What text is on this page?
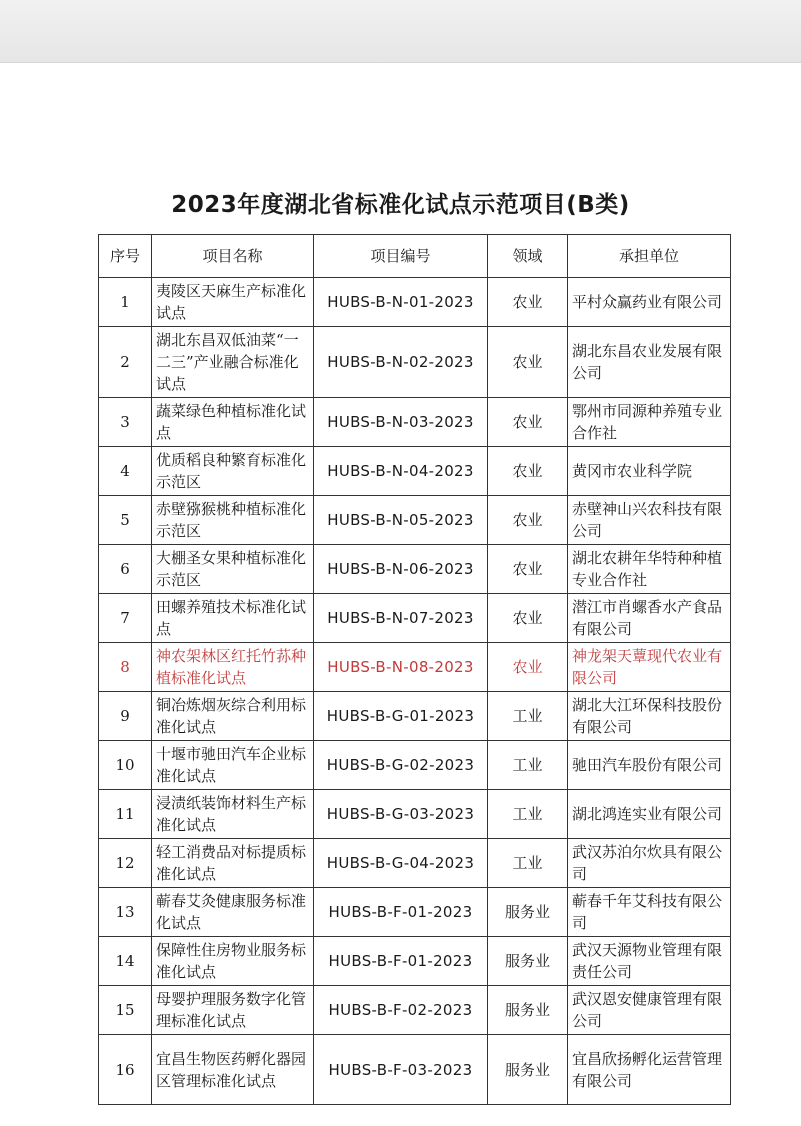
2023年度湖北省标准化试点示范项目(B类)
序号	项目名称	项目编号	领域	承担单位
1	夷陵区天麻生产标准化试点	HUBS-B-N-01-2023	农业	平村众赢药业有限公司
2	湖北东昌双低油菜“一二三”产业融合标准化试点	HUBS-B-N-02-2023	农业	湖北东昌农业发展有限公司
3	蔬菜绿色种植标准化试点	HUBS-B-N-03-2023	农业	鄂州市同源种养殖专业合作社
4	优质稻良种繁育标准化示范区	HUBS-B-N-04-2023	农业	黄冈市农业科学院
5	赤壁猕猴桃种植标准化示范区	HUBS-B-N-05-2023	农业	赤壁神山兴农科技有限公司
6	大棚圣女果种植标准化示范区	HUBS-B-N-06-2023	农业	湖北农耕年华特种种植专业合作社
7	田螺养殖技术标准化试点	HUBS-B-N-07-2023	农业	潜江市肖螺香水产食品有限公司
8	神农架林区红托竹荪种植标准化试点	HUBS-B-N-08-2023	农业	神龙架天蕈现代农业有限公司
9	铜冶炼烟灰综合利用标准化试点	HUBS-B-G-01-2023	工业	湖北大江环保科技股份有限公司
10	十堰市驰田汽车企业标准化试点	HUBS-B-G-02-2023	工业	驰田汽车股份有限公司
11	浸渍纸装饰材料生产标准化试点	HUBS-B-G-03-2023	工业	湖北鸿连实业有限公司
12	轻工消费品对标提质标准化试点	HUBS-B-G-04-2023	工业	武汉苏泊尔炊具有限公司
13	蕲春艾灸健康服务标准化试点	HUBS-B-F-01-2023	服务业	蕲春千年艾科技有限公司
14	保障性住房物业服务标准化试点	HUBS-B-F-01-2023	服务业	武汉天源物业管理有限责任公司
15	母婴护理服务数字化管理标准化试点	HUBS-B-F-02-2023	服务业	武汉恩安健康管理有限公司
16	宜昌生物医药孵化器园区管理标准化试点	HUBS-B-F-03-2023	服务业	宜昌欣扬孵化运营管理有限公司
